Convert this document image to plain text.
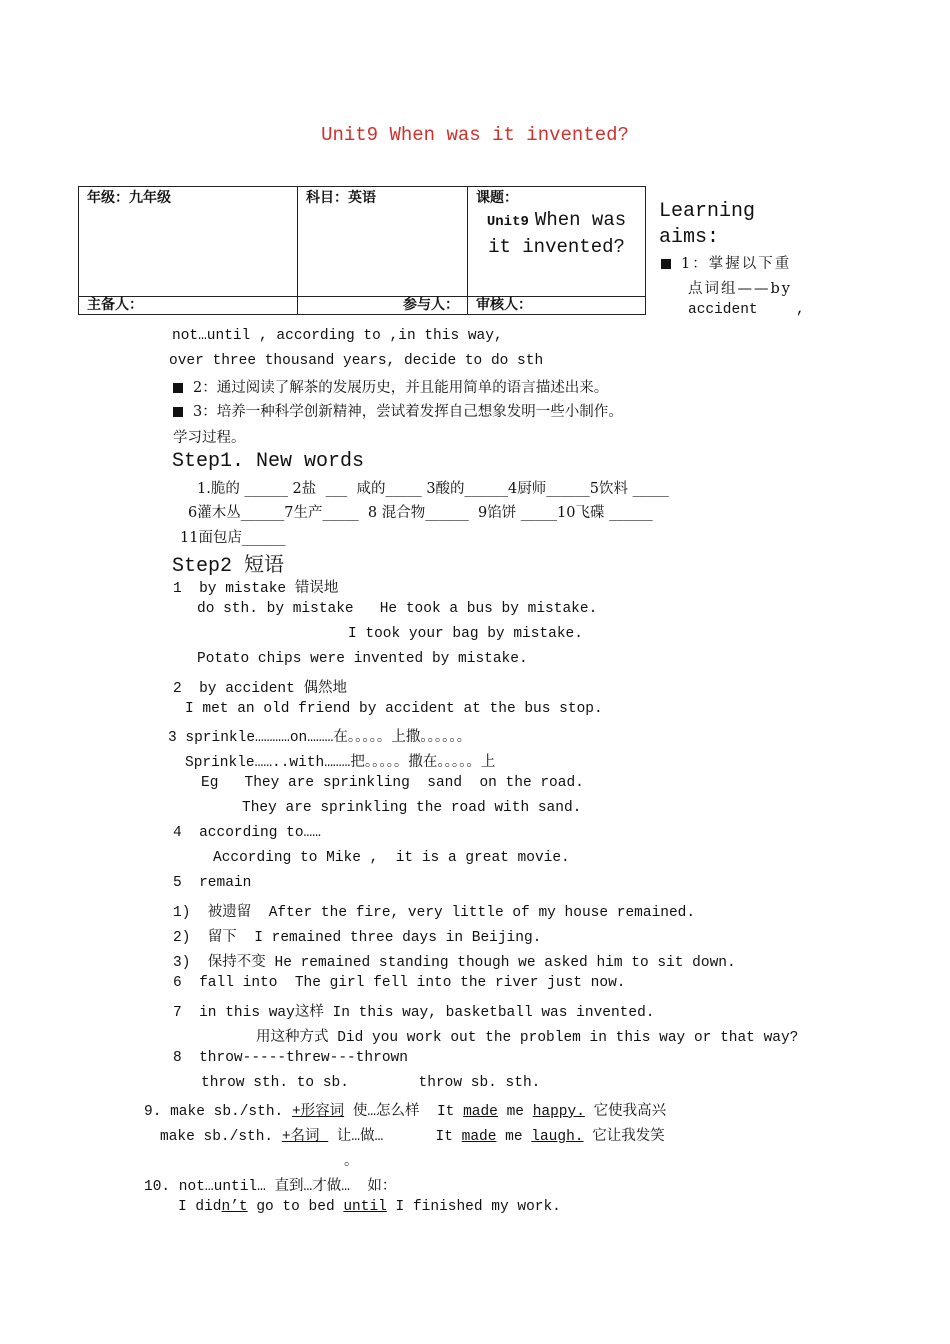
Unit9 When was it invented?
年级：九年级	科目：英语	课题：
Unit9 When was
it invented?

主备人：	参与人：	审核人：
Learning
aims:
1：掌握以下重
点词组——by
accident	,
not…until , according to ,in this way,
over three thousand years, decide to do sth
2：通过阅读了解茶的发展历史，并且能用简单的语言描述出来。
3：培养一种科学创新精神，尝试着发挥自己想象发明一些小制作。
学习过程。
Step1. New words
1.脆的 ______ 2盐  ___  咸的_____ 3酸的______4厨师______5饮料 _____
6灌木丛______7生产_____  8 混合物______  9馅饼 _____10飞碟 ______
11面包店______
Step2 短语
1  by mistake 错误地
do sth. by mistake   He took a bus by mistake.
I took your bag by mistake.
Potato chips were invented by mistake.
2  by accident 偶然地
I met an old friend by accident at the bus stop.
3 sprinkle…………on………在。。。。。上撒。。。。。。
Sprinkle……..with………把。。。。。撒在。。。。。上
Eg   They are sprinkling  sand  on the road.
They are sprinkling the road with sand.
4  according to……
According to Mike ,  it is a great movie.
5  remain
1)  被遗留  After the fire, very little of my house remained.
2)  留下  I remained three days in Beijing.
3)  保持不变 He remained standing though we asked him to sit down.
6  fall into  The girl fell into the river just now.
7  in this way这样 In this way, basketball was invented.
用这种方式 Did you work out the problem in this way or that way?
8  throw-----threw---thrown
throw sth. to sb.        throw sb. sth.
9. make sb./sth. +形容词 使…怎么样  It made me happy. 它使我高兴
make sb./sth. +名词  让…做…      It made me laugh. 它让我发笑
。
10. not…until… 直到…才做…  如：
I didn’t go to bed until I finished my work.
